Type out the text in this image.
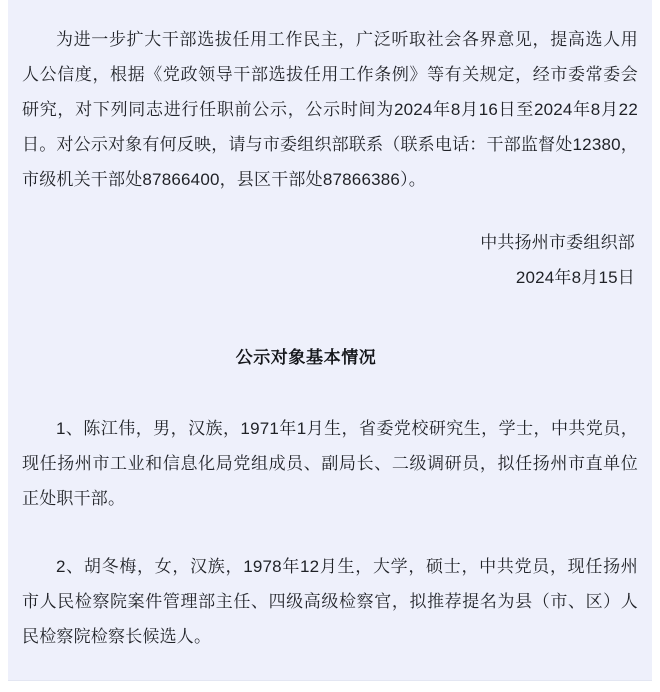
为进一步扩大干部选拔任用工作民主，广泛听取社会各界意见，提高选人用人公信度，根据《党政领导干部选拔任用工作条例》等有关规定，经市委常委会研究，对下列同志进行任职前公示，公示时间为2024年8月16日至2024年8月22日。对公示对象有何反映，请与市委组织部联系（联系电话：干部监督处12380，市级机关干部处87866400，县区干部处87866386）。

中共扬州市委组织部
2024年8月15日
公示对象基本情况

1、陈江伟，男，汉族，1971年1月生，省委党校研究生，学士，中共党员，现任扬州市工业和信息化局党组成员、副局长、二级调研员，拟任扬州市直单位正处职干部。

2、胡冬梅，女，汉族，1978年12月生，大学，硕士，中共党员，现任扬州市人民检察院案件管理部主任、四级高级检察官，拟推荐提名为县（市、区）人民检察院检察长候选人。
